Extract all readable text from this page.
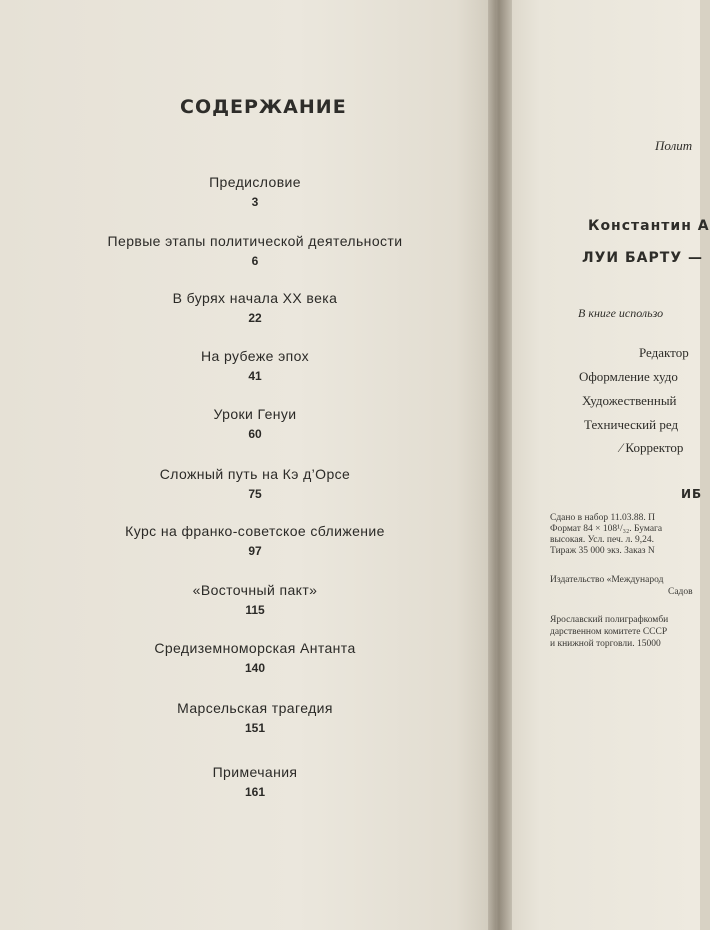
СОДЕРЖАНИЕ
Предисловие
3
Первые этапы политической деятельности
6
В бурях начала XX века
22
На рубеже эпох
41
Уроки Генуи
60
Сложный путь на Кэ д’Орсе
75
Курс на франко-советское сближение
97
«Восточный пакт»
115
Средиземноморская Антанта
140
Марсельская трагедия
151
Примечания
161
Полит
Константин А
ЛУИ БАРТУ —
В книге использо
Редактор
Оформление худо
Художественный
Технический ред
⁄ Корректор
ИБ
Сдано в набор 11.03.88. П
Формат 84 × 108¹/₃₂. Бумага
высокая. Усл. печ. л. 9,24.
Тираж 35 000 экз. Заказ N
Издательство «Международ
Садов
Ярославский полиграфкомби
дарственном комитете СССР
и книжной торговли. 15000
